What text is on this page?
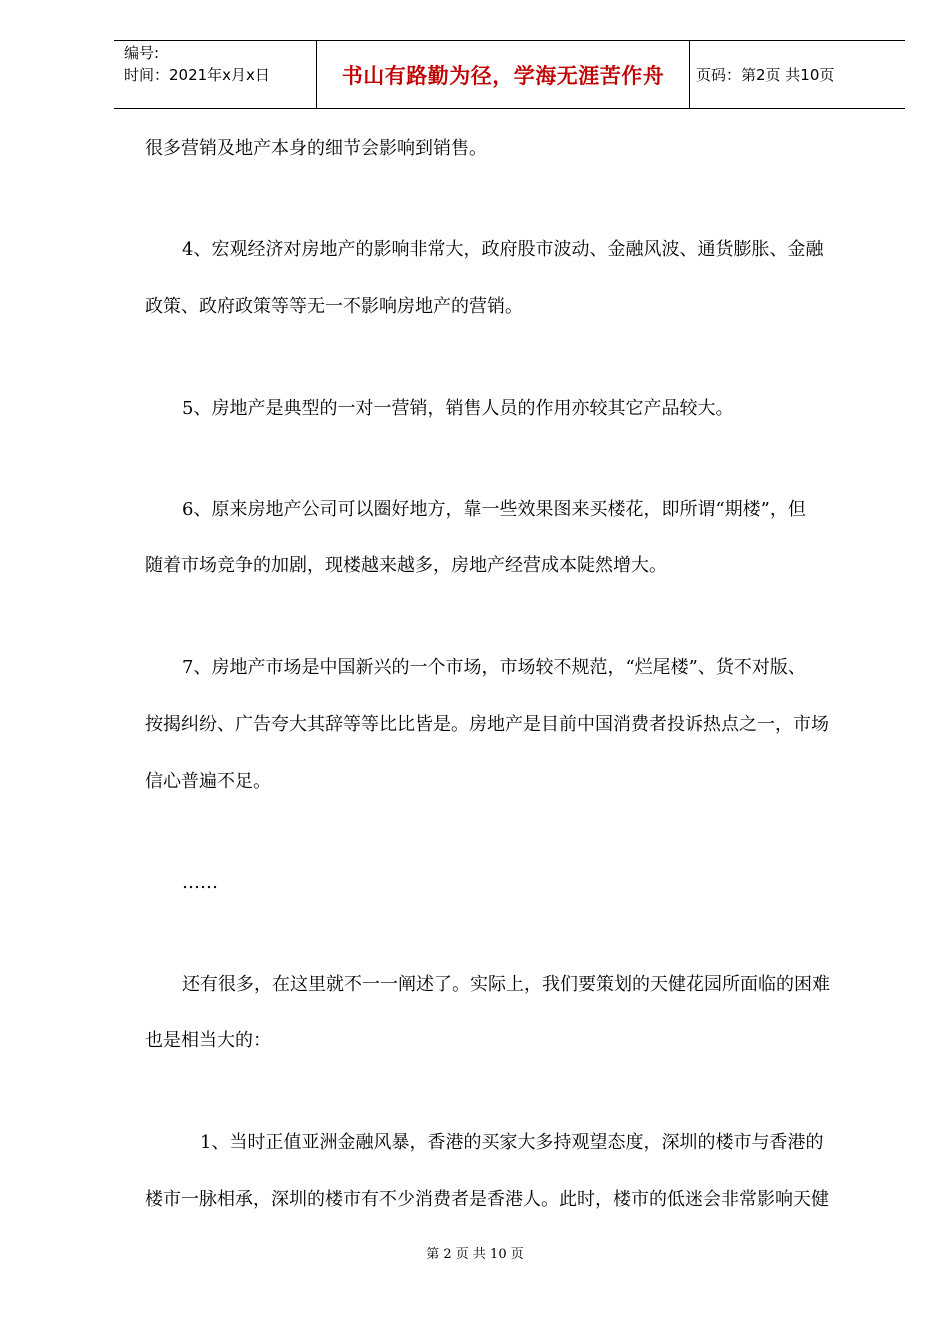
编号:
时间：2021年x月x日	书山有路勤为径，学海无涯苦作舟 页码：第2页 共10页
很多营销及地产本身的细节会影响到销售。
4、宏观经济对房地产的影响非常大，政府股市波动、金融风波、通货膨胀、金融
政策、政府政策等等无一不影响房地产的营销。
5、房地产是典型的一对一营销，销售人员的作用亦较其它产品较大。
6、原来房地产公司可以圈好地方，靠一些效果图来买楼花，即所谓“期楼”，但
随着市场竞争的加剧，现楼越来越多，房地产经营成本陡然增大。
7、房地产市场是中国新兴的一个市场，市场较不规范，“烂尾楼”、货不对版、
按揭纠纷、广告夸大其辞等等比比皆是。房地产是目前中国消费者投诉热点之一，市场
信心普遍不足。
……
还有很多，在这里就不一一阐述了。实际上，我们要策划的天健花园所面临的困难
也是相当大的：
1、当时正值亚洲金融风暴，香港的买家大多持观望态度，深圳的楼市与香港的
楼市一脉相承，深圳的楼市有不少消费者是香港人。此时，楼市的低迷会非常影响天健
第 2 页 共 10 页
